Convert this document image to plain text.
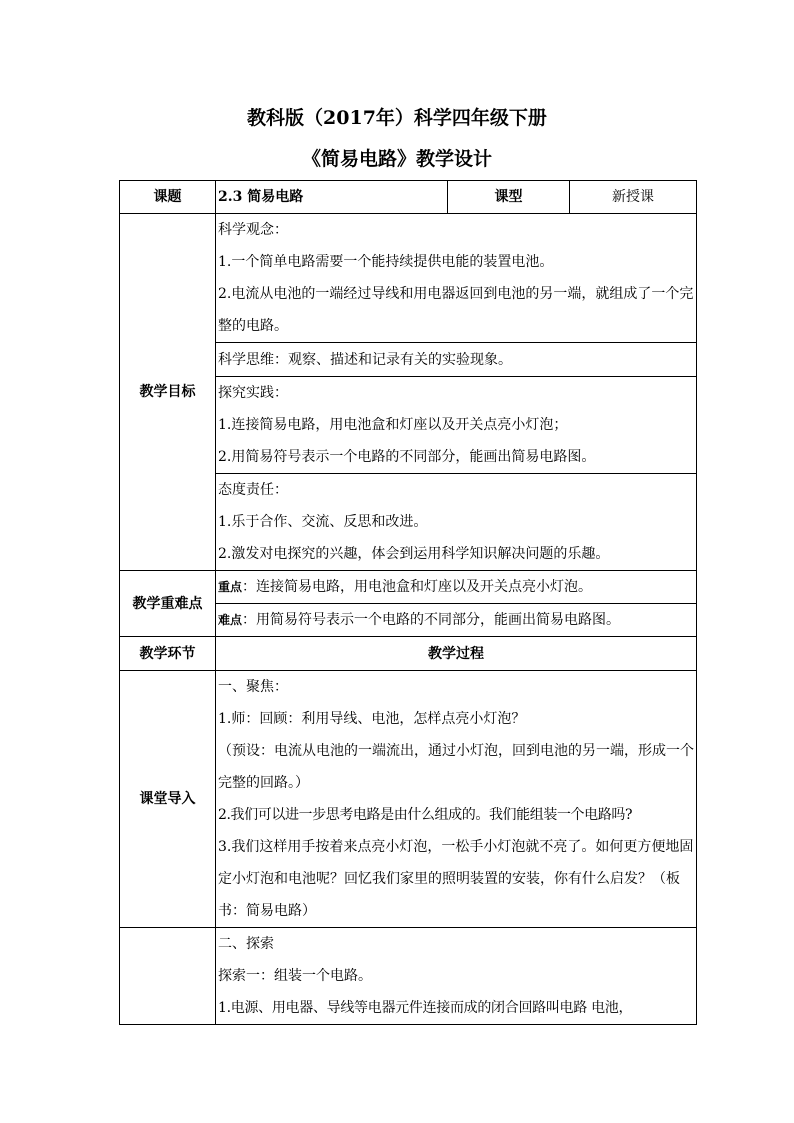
教科版（2017年）科学四年级下册
《简易电路》教学设计
课题	2.3 简易电路	课型	新授课
教学目标	科学观念：
1.一个简单电路需要一个能持续提供电能的装置电池。
2.电流从电池的一端经过导线和用电器返回到电池的另一端，就组成了一个完整的电路。		

	科学思维：观察、描述和记录有关的实验现象。		

	探究实践：
1.连接简易电路，用电池盒和灯座以及开关点亮小灯泡；
2.用简易符号表示一个电路的不同部分，能画出简易电路图。		

	态度责任：
1.乐于合作、交流、反思和改进。
2.激发对电探究的兴趣，体会到运用科学知识解决问题的乐趣。		

教学重难点	重点：连接简易电路，用电池盒和灯座以及开关点亮小灯泡。		
	难点：用简易符号表示一个电路的不同部分，能画出简易电路图。		
教学环节	教学过程		
课堂导入	一、聚焦：
1.师：回顾：利用导线、电池，怎样点亮小灯泡？
（预设：电流从电池的一端流出，通过小灯泡，回到电池的另一端，形成一个完整的回路。）
2.我们可以进一步思考电路是由什么组成的。我们能组装一个电路吗?
3.我们这样用手按着来点亮小灯泡，一松手小灯泡就不亮了。如何更方便地固定小灯泡和电池呢？回忆我们家里的照明装置的安装，你有什么启发？（板书：简易电路）		

	二、探索
探索一：组装一个电路。
1.电源、用电器、导线等电器元件连接而成的闭合回路叫电路 电池，		
